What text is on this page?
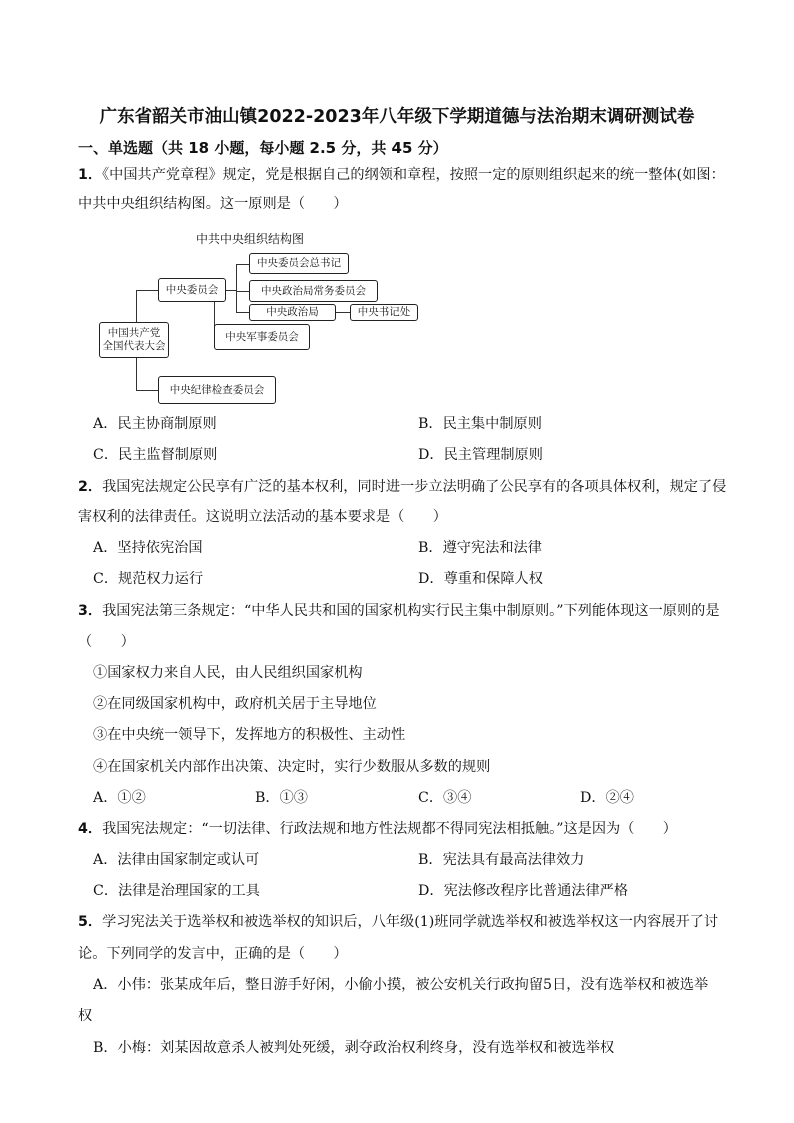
广东省韶关市油山镇2022-2023年八年级下学期道德与法治期末调研测试卷
一、单选题（共 18 小题，每小题 2.5 分，共 45 分）
1．《中国共产党章程》规定，党是根据自己的纲领和章程，按照一定的原则组织起来的统一整体(如图：
中共中央组织结构图。这一原则是（　　）
中共中央组织结构图
中国共产党
全国代表大会
中央委员会
中央委员会总书记
中央政治局常务委员会
中央政治局	中央书记处
中央军事委员会
中央纪律检查委员会
A．民主协商制原则	B．民主集中制原则
C．民主监督制原则	D．民主管理制原则
2．我国宪法规定公民享有广泛的基本权利，同时进一步立法明确了公民享有的各项具体权利，规定了侵
害权利的法律责任。这说明立法活动的基本要求是（　　）
A．坚持依宪治国	B．遵守宪法和法律
C．规范权力运行	D．尊重和保障人权
3．我国宪法第三条规定：“中华人民共和国的国家机构实行民主集中制原则。”下列能体现这一原则的是
（　　）
①国家权力来自人民，由人民组织国家机构
②在同级国家机构中，政府机关居于主导地位
③在中央统一领导下，发挥地方的积极性、主动性
④在国家机关内部作出决策、决定时，实行少数服从多数的规则
A．①②	B．①③	C．③④	D．②④
4．我国宪法规定：“一切法律、行政法规和地方性法规都不得同宪法相抵触。”这是因为（　　）
A．法律由国家制定或认可	B．宪法具有最高法律效力
C．法律是治理国家的工具	D．宪法修改程序比普通法律严格
5．学习宪法关于选举权和被选举权的知识后，八年级(1)班同学就选举权和被选举权这一内容展开了讨
论。下列同学的发言中，正确的是（　　）
A．小伟：张某成年后，整日游手好闲，小偷小摸，被公安机关行政拘留5日，没有选举权和被选举
权
B．小梅：刘某因故意杀人被判处死缓，剥夺政治权利终身，没有选举权和被选举权
